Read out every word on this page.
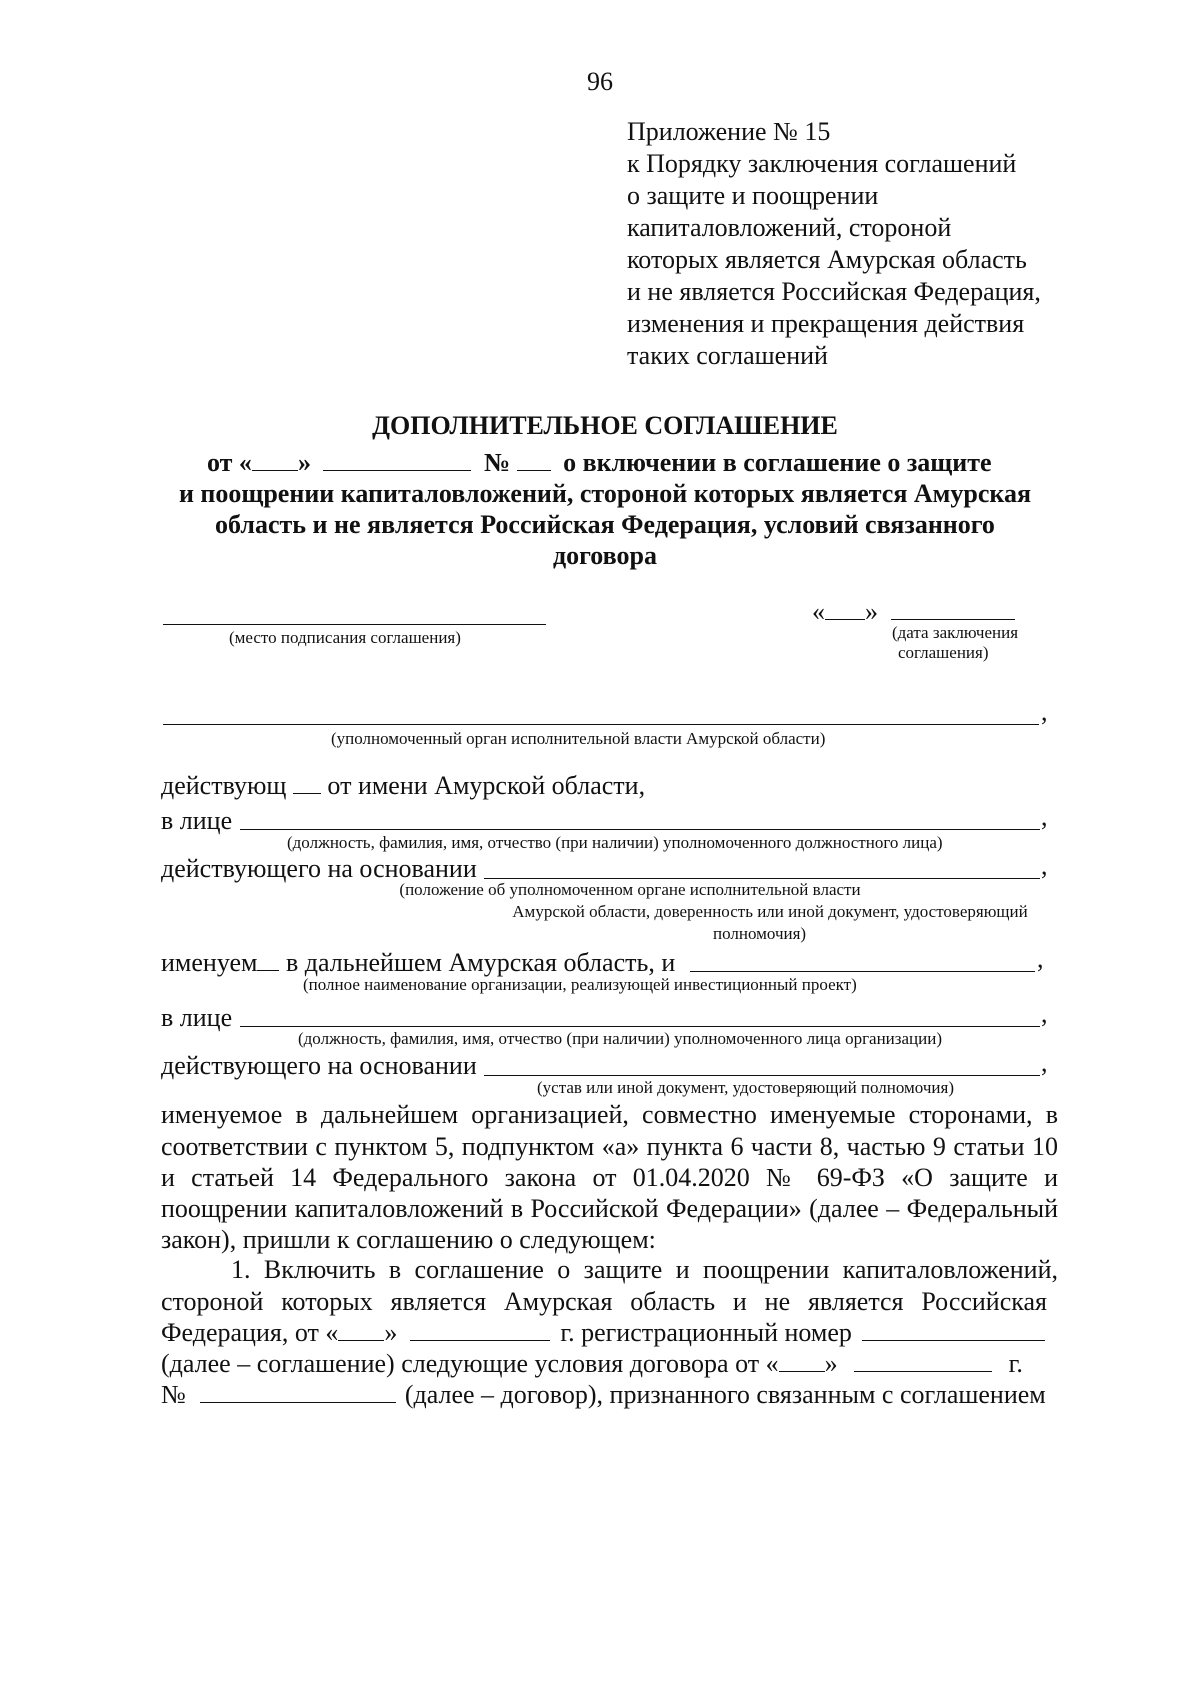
96
Приложение № 15
к Порядку заключения соглашений
о защите и поощрении
капиталовложений, стороной
которых является Амурская область
и не является Российская Федерация,
изменения и прекращения действия
таких соглашений
ДОПОЛНИТЕЛЬНОЕ СОГЛАШЕНИЕ
от « »	№ о включении в соглашение о защите
и поощрении капиталовложений, стороной которых является Амурская
область и не является Российская Федерация, условий связанного
договора
(место подписания соглашения)
« »
(дата заключения
соглашения)
,
(уполномоченный орган исполнительной власти Амурской области)
действующ от имени Амурской области,
в лице	,
(должность, фамилия, имя, отчество (при наличии) уполномоченного должностного лица)
действующего на основании	,
(положение об уполномоченном органе исполнительной власти
Амурской области, доверенность или иной документ, удостоверяющий
полномочия)
именуем в дальнейшем Амурская область, и	,
(полное наименование организации, реализующей инвестиционный проект)
в лице	,
(должность, фамилия, имя, отчество (при наличии) уполномоченного лица организации)
действующего на основании	,
(устав или иной документ, удостоверяющий полномочия)
именуемое в дальнейшем организацией, совместно именуемые сторонами, в
соответствии с пунктом 5, подпунктом «а» пункта 6 части 8, частью 9 статьи 10
и статьей 14 Федерального закона от 01.04.2020 № 69-ФЗ «О защите и
поощрении капиталовложений в Российской Федерации» (далее – Федеральный
закон), пришли к соглашению о следующем:
1. Включить в соглашение о защите и поощрении капиталовложений,
стороной которых является Амурская область и не является Российская
Федерация, от « »	г. регистрационный номер
(далее – соглашение) следующие условия договора от « »	г.
№	(далее – договор), признанного связанным с соглашением
